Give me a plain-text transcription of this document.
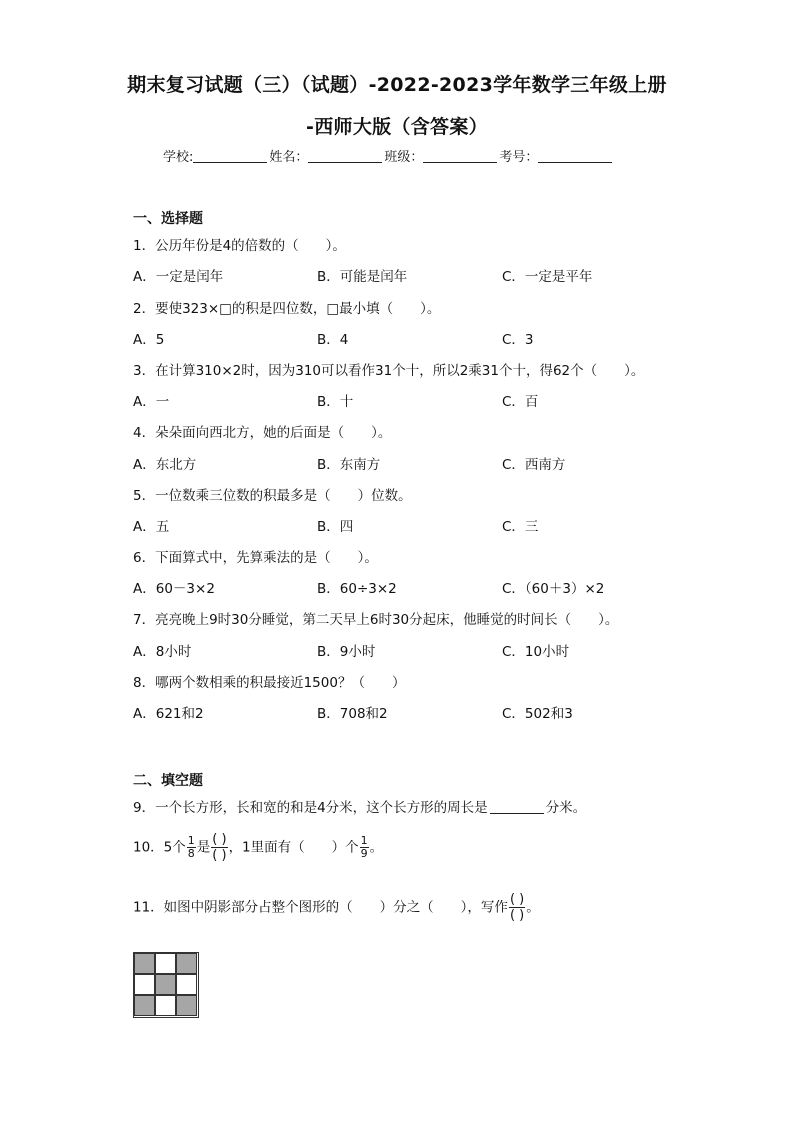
期末复习试题（三）（试题）-2022-2023学年数学三年级上册
-西师大版（含答案）
学校:	姓名：	班级：	考号：
一、选择题
1．公历年份是4的倍数的（　　）。
A．一定是闰年	B．可能是闰年	C．一定是平年
2．要使323×□的积是四位数，□最小填（　　）。
A．5	B．4	C．3
3．在计算310×2时，因为310可以看作31个十，所以2乘31个十，得62个（　　）。
A．一	B．十	C．百
4．朵朵面向西北方，她的后面是（　　）。
A．东北方	B．东南方	C．西南方
5．一位数乘三位数的积最多是（　　）位数。
A．五	B．四	C．三
6．下面算式中，先算乘法的是（　　）。
A．60－3×2	B．60÷3×2	C．（60＋3）×2
7．亮亮晚上9时30分睡觉，第二天早上6时30分起床，他睡觉的时间长（　　）。
A．8小时	B．9小时	C．10小时
8．哪两个数相乘的积最接近1500？（　　）
A．621和2	B．708和2	C．502和3
二、填空题
9．一个长方形，长和宽的和是4分米，这个长方形的周长是	分米。
10．5个 $\frac{1}{8}$ 是 $\frac{( )}{( )}$ ，1里面有（　　）个 $\frac{1}{9}$ 。
11．如图中阴影部分占整个图形的（　　）分之（　　），写作 $\frac{( )}{( )}$ 。
